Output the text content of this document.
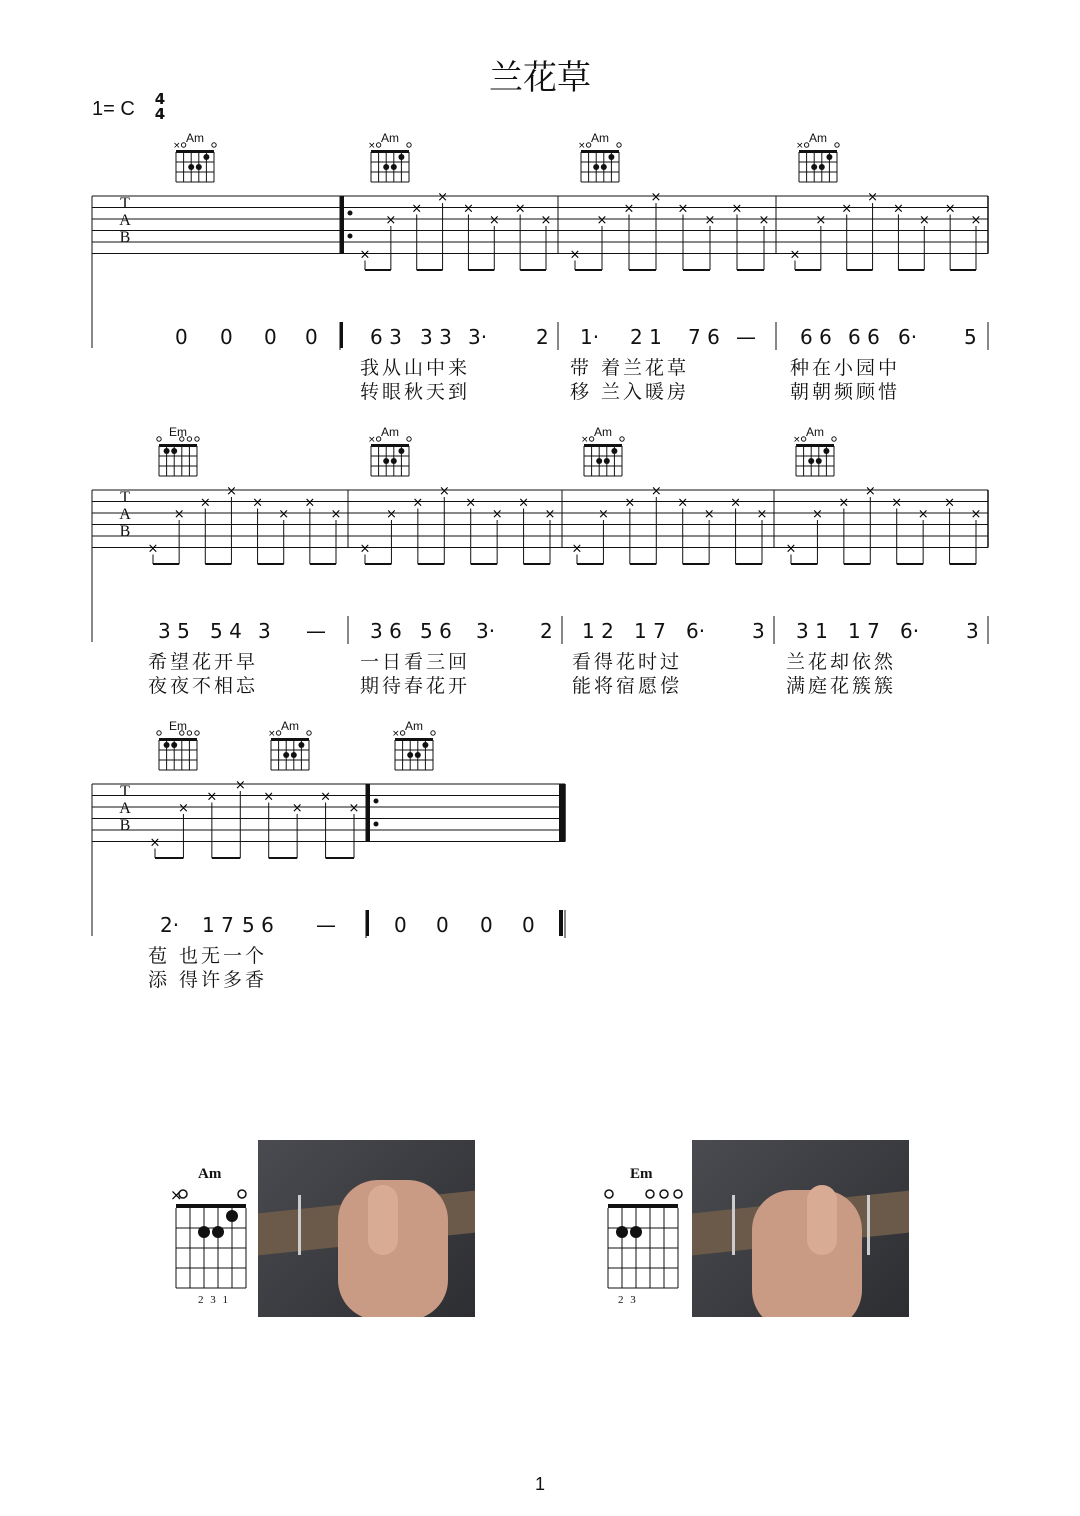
兰花草
1= C 4
4
Am
×
Am
×
Am
×
Am
×
Em	Am
×
Am
×
Am
×
Em	Am
×
Am
×
T
A
B
×
×
×
×
×
×
×
×
×
×
×
×
×
×
×
×
×
×
×
×
×
×
×
×
T
A
B
×
×
×
×
×
×
×
×
×
×
×
×
×
×
×
×
×
×
×
×
×
×
×
×
×
×
×
×
×
×
×
×
T
A
B
×
×
×
×
×
×
×
×
0 0 0 0	6 3 3 3 3· 2 1· 2 1 7 6 — 6 6 6 6 6· 5
我从山中来	带 着兰花草	种在小园中
转眼秋天到	移 兰入暖房	朝朝频顾惜
3 5 5 4 3 — 3 6 5 6 3· 2 1 2 1 7 6· 3 3 1 1 7 6· 3
希望花开早	一日看三回	看得花时过	兰花却依然
夜夜不相忘	期待春花开	能将宿愿偿	满庭花簇簇
2· 1 7 5 6 —	0 0 0 0
苞 也无一个
添 得许多香
Am
×
2 3 1
Em
2 3
1
